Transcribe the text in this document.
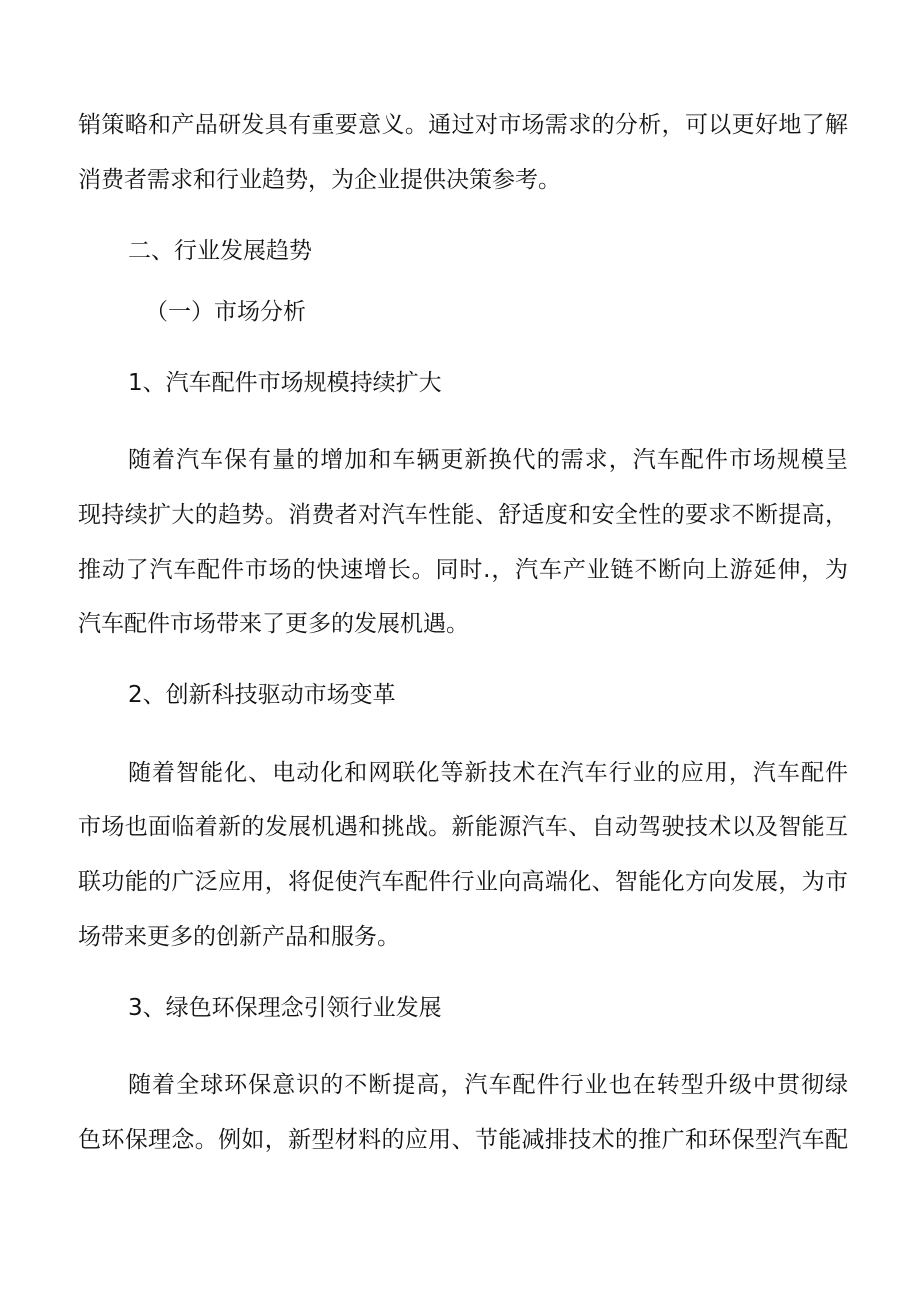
销策略和产品研发具有重要意义。通过对市场需求的分析，可以更好地了解
消费者需求和行业趋势，为企业提供决策参考。
二、行业发展趋势
（一）市场分析
1、汽车配件市场规模持续扩大
随着汽车保有量的增加和车辆更新换代的需求，汽车配件市场规模呈
现持续扩大的趋势。消费者对汽车性能、舒适度和安全性的要求不断提高，
推动了汽车配件市场的快速增长。同时.，汽车产业链不断向上游延伸，为
汽车配件市场带来了更多的发展机遇。
2、创新科技驱动市场变革
随着智能化、电动化和网联化等新技术在汽车行业的应用，汽车配件
市场也面临着新的发展机遇和挑战。新能源汽车、自动驾驶技术以及智能互
联功能的广泛应用，将促使汽车配件行业向高端化、智能化方向发展，为市
场带来更多的创新产品和服务。
3、绿色环保理念引领行业发展
随着全球环保意识的不断提高，汽车配件行业也在转型升级中贯彻绿
色环保理念。例如，新型材料的应用、节能减排技术的推广和环保型汽车配
